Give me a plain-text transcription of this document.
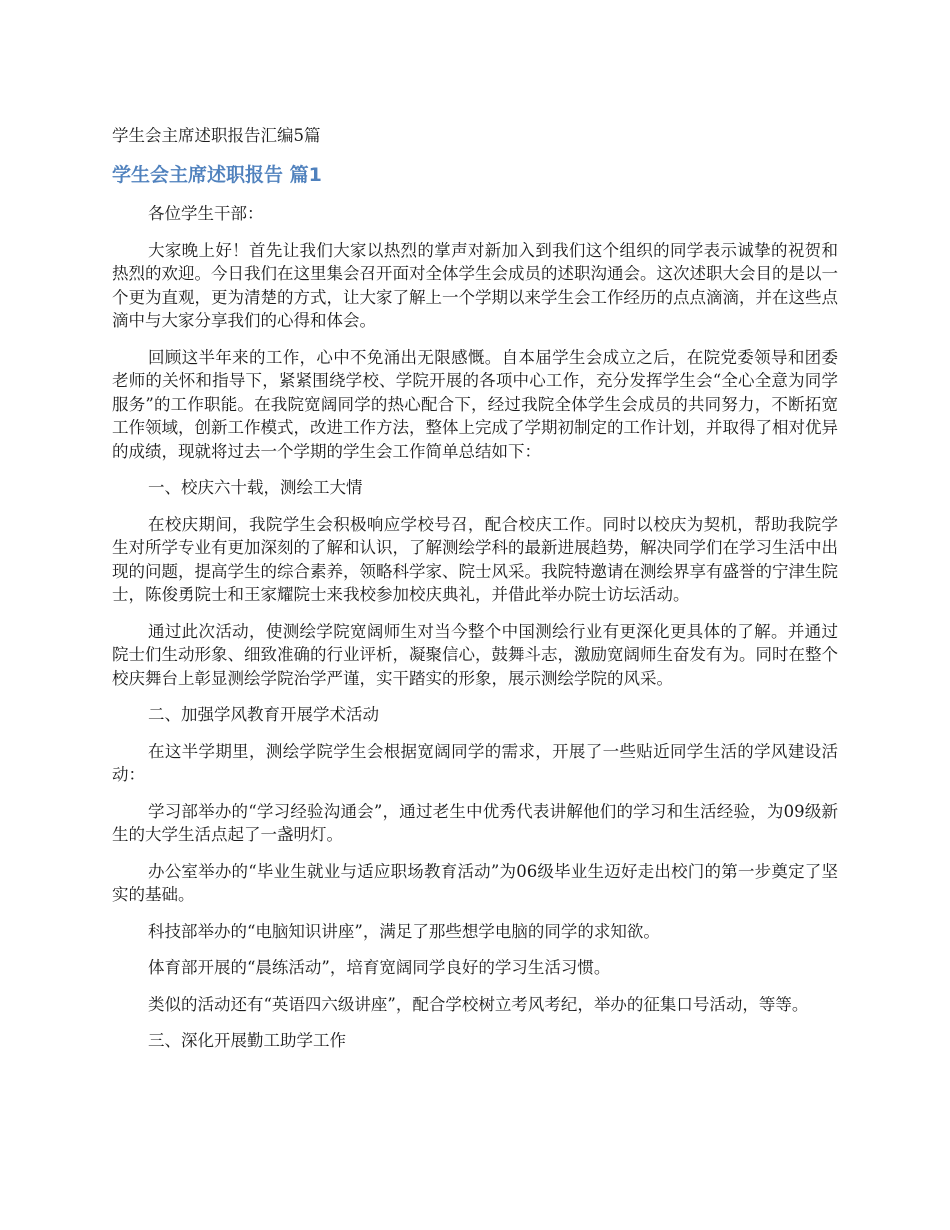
学生会主席述职报告汇编5篇
学生会主席述职报告 篇1

各位学生干部：

大家晚上好！首先让我们大家以热烈的掌声对新加入到我们这个组织的同学表示诚挚的祝贺和热烈的欢迎。今日我们在这里集会召开面对全体学生会成员的述职沟通会。这次述职大会目的是以一个更为直观，更为清楚的方式，让大家了解上一个学期以来学生会工作经历的点点滴滴，并在这些点滴中与大家分享我们的心得和体会。

回顾这半年来的工作，心中不免涌出无限感慨。自本届学生会成立之后，在院党委领导和团委老师的关怀和指导下，紧紧围绕学校、学院开展的各项中心工作，充分发挥学生会“全心全意为同学服务”的工作职能。在我院宽阔同学的热心配合下，经过我院全体学生会成员的共同努力，不断拓宽工作领域，创新工作模式，改进工作方法，整体上完成了学期初制定的工作计划，并取得了相对优异的成绩，现就将过去一个学期的学生会工作简单总结如下：

一、校庆六十载，测绘工大情

在校庆期间，我院学生会积极响应学校号召，配合校庆工作。同时以校庆为契机，帮助我院学生对所学专业有更加深刻的了解和认识，了解测绘学科的最新进展趋势，解决同学们在学习生活中出现的问题，提高学生的综合素养，领略科学家、院士风采。我院特邀请在测绘界享有盛誉的宁津生院士，陈俊勇院士和王家耀院士来我校参加校庆典礼，并借此举办院士访坛活动。

通过此次活动，使测绘学院宽阔师生对当今整个中国测绘行业有更深化更具体的了解。并通过院士们生动形象、细致准确的行业评析，凝聚信心，鼓舞斗志，激励宽阔师生奋发有为。同时在整个校庆舞台上彰显测绘学院治学严谨，实干踏实的形象，展示测绘学院的风采。

二、加强学风教育开展学术活动

在这半学期里，测绘学院学生会根据宽阔同学的需求，开展了一些贴近同学生活的学风建设活动：

学习部举办的“学习经验沟通会”，通过老生中优秀代表讲解他们的学习和生活经验，为09级新生的大学生活点起了一盏明灯。

办公室举办的“毕业生就业与适应职场教育活动”为06级毕业生迈好走出校门的第一步奠定了坚实的基础。

科技部举办的“电脑知识讲座”，满足了那些想学电脑的同学的求知欲。

体育部开展的“晨练活动”，培育宽阔同学良好的学习生活习惯。

类似的活动还有“英语四六级讲座”，配合学校树立考风考纪，举办的征集口号活动，等等。

三、深化开展勤工助学工作
